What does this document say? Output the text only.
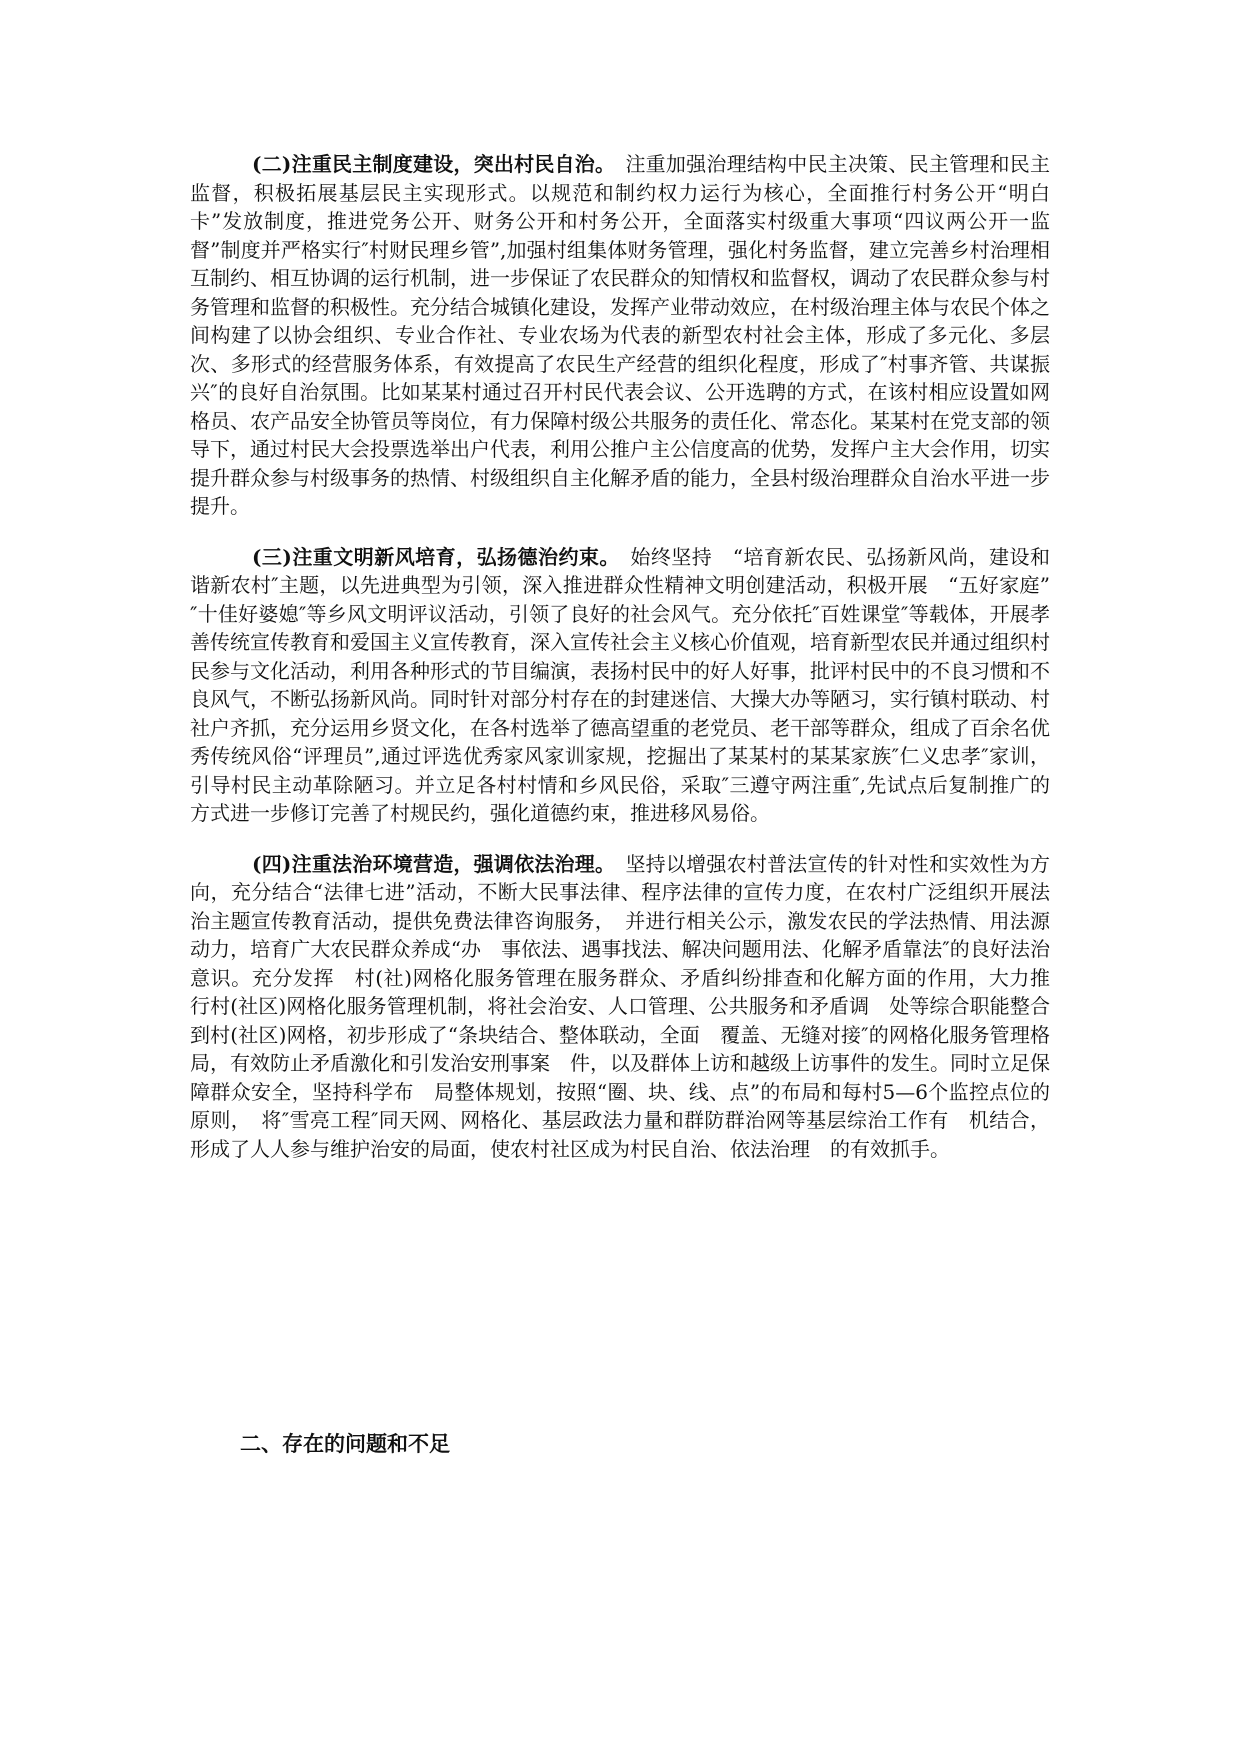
(二)注重民主制度建设，突出村民自治。　注重加强治理结构中民主决策、民主管理和民主监督，积极拓展基层民主实现形式。以规范和制约权力运行为核心，全面推行村务公开“明白卡”发放制度，推进党务公开、财务公开和村务公开，全面落实村级重大事项“四议两公开一监督”制度并严格实行″村财民理乡管”,加强村组集体财务管理，强化村务监督，建立完善乡村治理相互制约、相互协调的运行机制，进一步保证了农民群众的知情权和监督权，调动了农民群众参与村务管理和监督的积极性。充分结合城镇化建设，发挥产业带动效应，在村级治理主体与农民个体之间构建了以协会组织、专业合作社、专业农场为代表的新型农村社会主体，形成了多元化、多层次、多形式的经营服务体系，有效提高了农民生产经营的组织化程度，形成了″村事齐管、共谋振兴″的良好自治氛围。比如某某村通过召开村民代表会议、公开选聘的方式，在该村相应设置如网格员、农产品安全协管员等岗位，有力保障村级公共服务的责任化、常态化。某某村在党支部的领导下，通过村民大会投票选举出户代表，利用公推户主公信度高的优势，发挥户主大会作用，切实提升群众参与村级事务的热情、村级组织自主化解矛盾的能力，全县村级治理群众自治水平进一步提升。

(三)注重文明新风培育，弘扬德治约束。　始终坚持　“培育新农民、弘扬新风尚，建设和谐新农村″主题，以先进典型为引领，深入推进群众性精神文明创建活动，积极开展　“五好家庭”　″十佳好婆媳″等乡风文明评议活动，引领了良好的社会风气。充分依托″百姓课堂″等载体，开展孝善传统宣传教育和爱国主义宣传教育，深入宣传社会主义核心价值观，培育新型农民并通过组织村民参与文化活动，利用各种形式的节目编演，表扬村民中的好人好事，批评村民中的不良习惯和不良风气，不断弘扬新风尚。同时针对部分村存在的封建迷信、大操大办等陋习，实行镇村联动、村社户齐抓，充分运用乡贤文化，在各村选举了德高望重的老党员、老干部等群众，组成了百余名优秀传统风俗“评理员”,通过评选优秀家风家训家规，挖掘出了某某村的某某家族″仁义忠孝″家训，引导村民主动革除陋习。并立足各村村情和乡风民俗，采取″三遵守两注重″,先试点后复制推广的方式进一步修订完善了村规民约，强化道德约束，推进移风易俗。

(四)注重法治环境营造，强调依法治理。　坚持以增强农村普法宣传的针对性和实效性为方向，充分结合“法律七进”活动，不断大民事法律、程序法律的宣传力度，在农村广泛组织开展法治主题宣传教育活动，提供免费法律咨询服务，　并进行相关公示，激发农民的学法热情、用法源动力，培育广大农民群众养成“办　事依法、遇事找法、解决问题用法、化解矛盾靠法″的良好法治意识。充分发挥　村(社)网格化服务管理在服务群众、矛盾纠纷排查和化解方面的作用，大力推　行村(社区)网格化服务管理机制，将社会治安、人口管理、公共服务和矛盾调　处等综合职能整合到村(社区)网格，初步形成了“条块结合、整体联动，全面　覆盖、无缝对接″的网格化服务管理格局，有效防止矛盾激化和引发治安刑事案　件，以及群体上访和越级上访事件的发生。同时立足保障群众安全，坚持科学布　局整体规划，按照“圈、块、线、点”的布局和每村5—6个监控点位的原则，　将″雪亮工程″同天网、网格化、基层政法力量和群防群治网等基层综治工作有　机结合，形成了人人参与维护治安的局面，使农村社区成为村民自治、依法治理　的有效抓手。

二、存在的问题和不足
